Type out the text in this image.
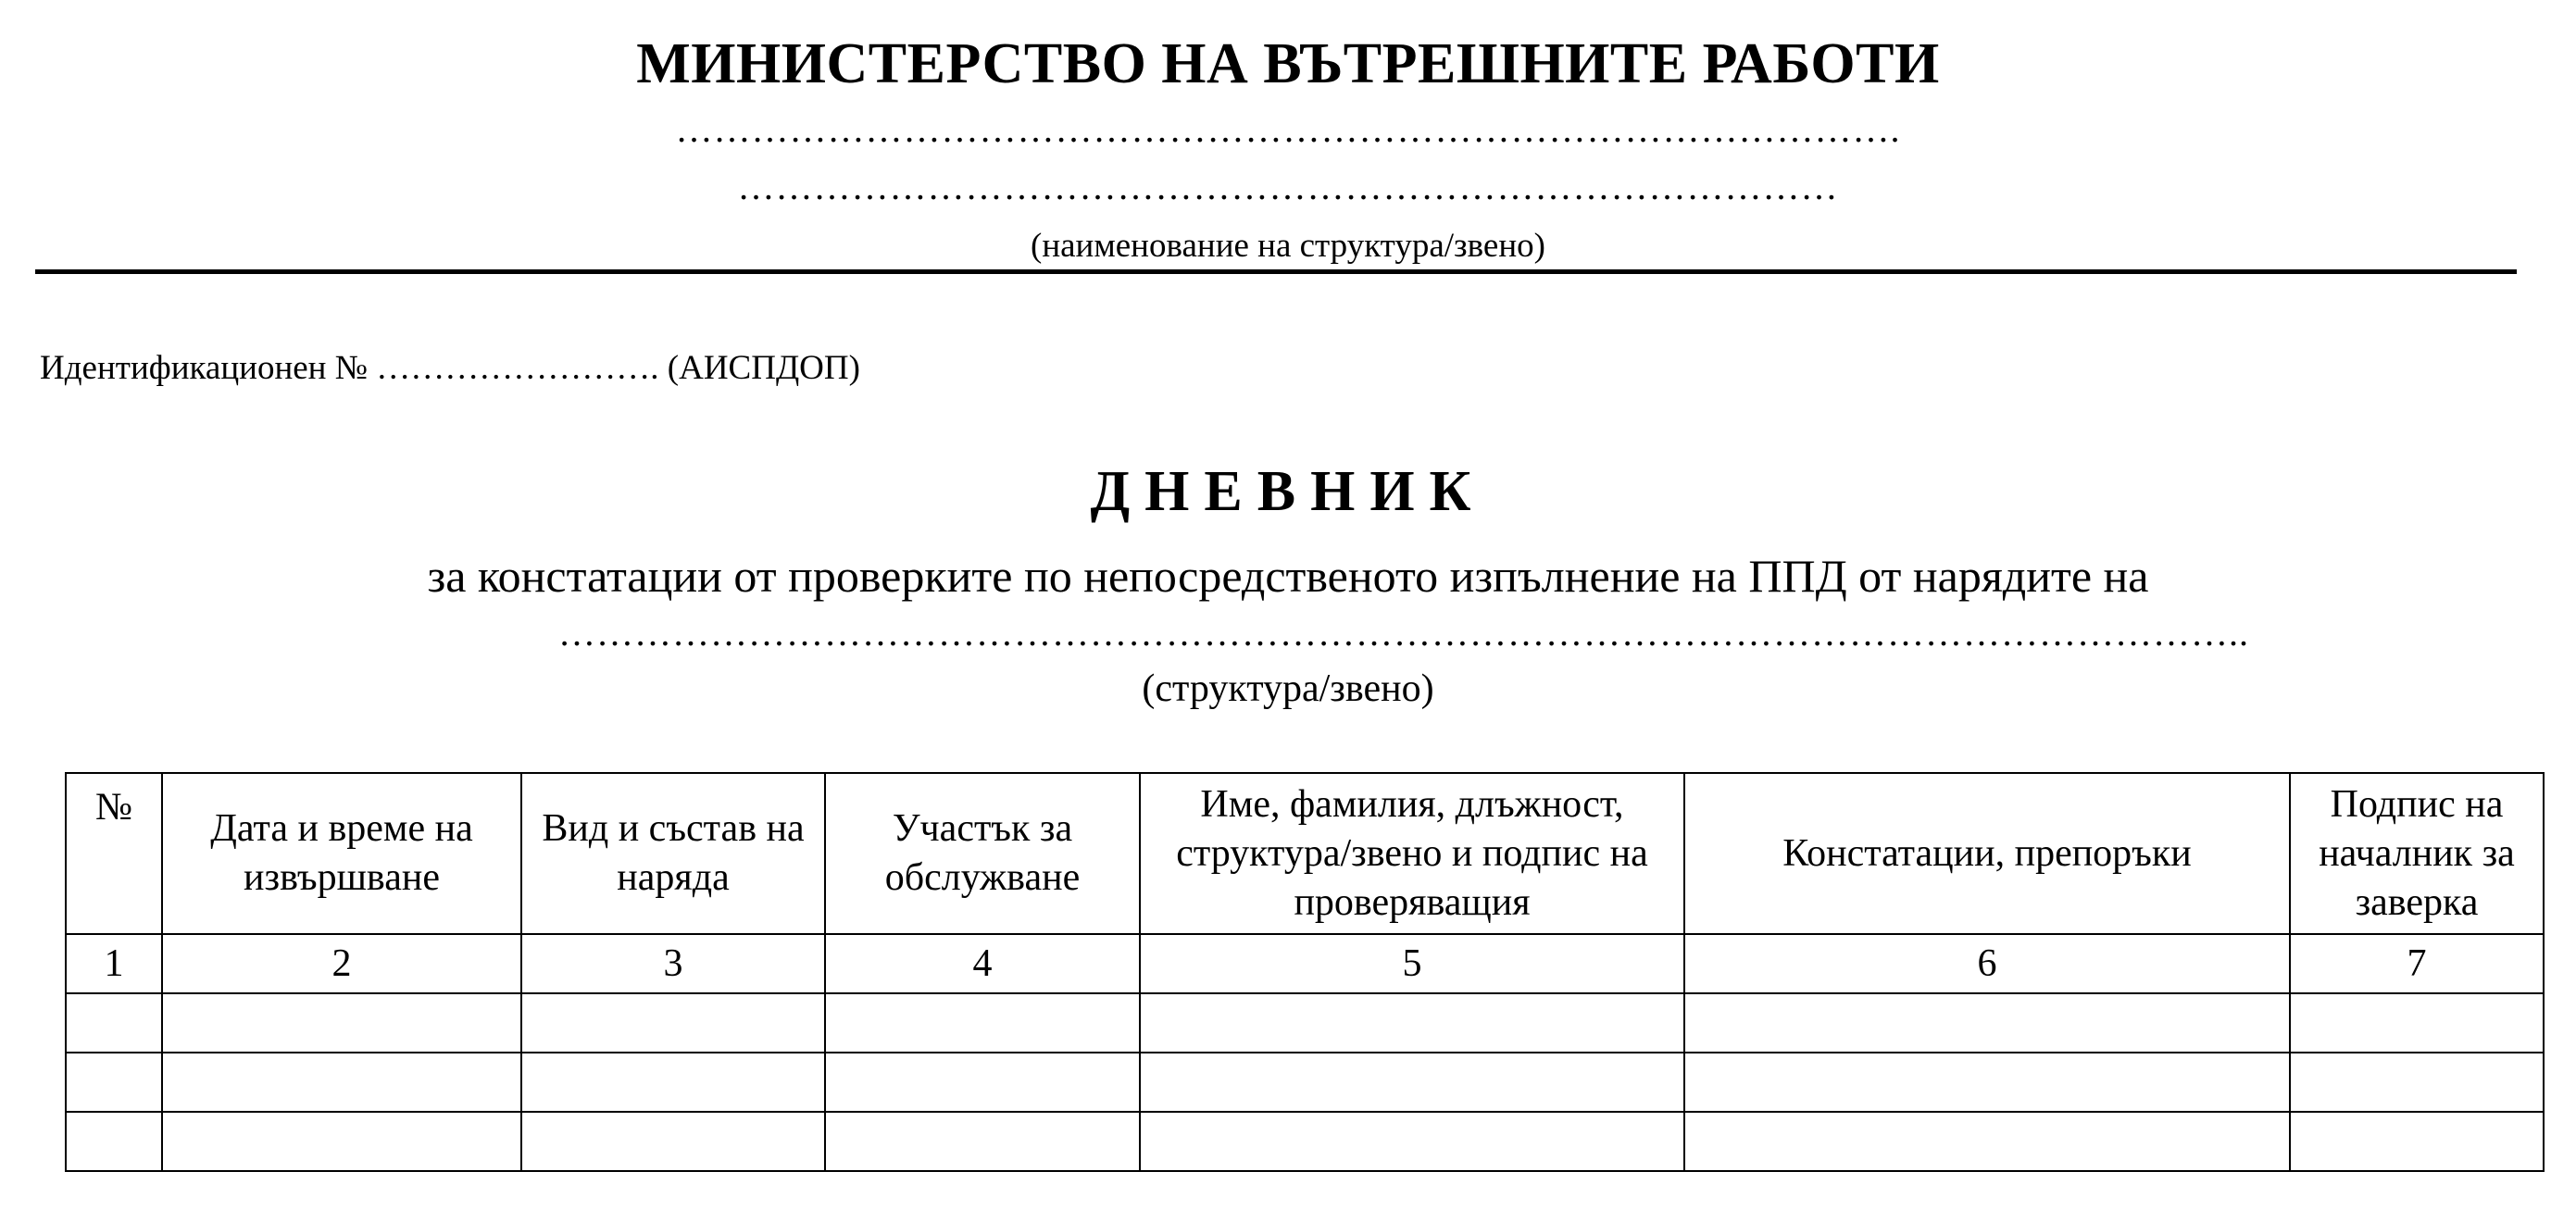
МИНИСТЕРСТВО НА ВЪТРЕШНИТЕ РАБОТИ
…………………………………………………………………………………….
……………………………………………………………………………
(наименование на структура/звено)
Идентификационен № ……………………. (АИСПДОП)
ДНЕВНИК
за констатации от проверките по непосредственото изпълнение на ППД от нарядите на
……………………………………………………………………………………………………………………..
(структура/звено)
№	Дата и време на извършване	Вид и състав на наряда	Участък за обслужване	Име, фамилия, длъжност, структура/звено и подпис на проверяващия	Констатации, препоръки	Подпис на началник за заверка
1	2	3	4	5	6	7
